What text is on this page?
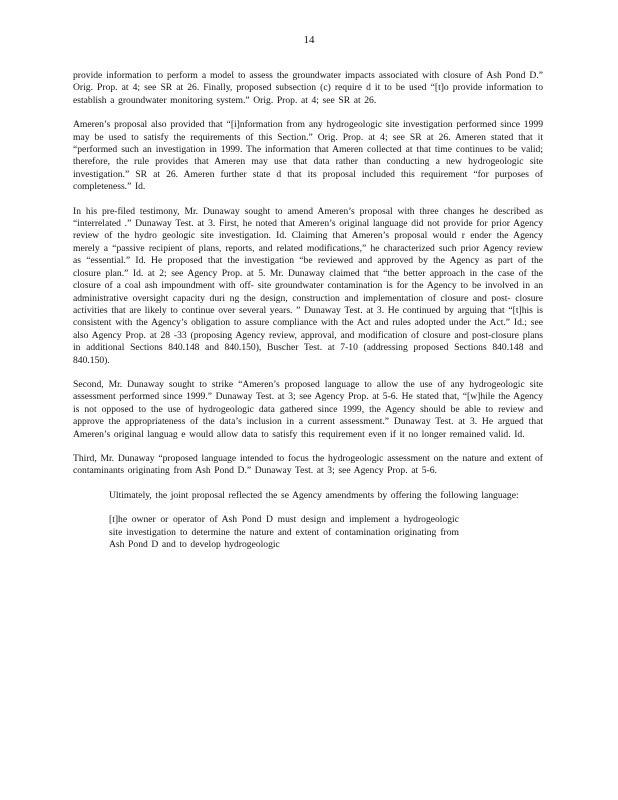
14

provide information to perform a model to assess the groundwater impacts associated with closure of Ash Pond D.” Orig. Prop. at 4; see SR at 26. Finally, proposed subsection (c) require d it to be used “[t]o provide information to establish a groundwater monitoring system.” Orig. Prop. at 4; see SR at 26.

Ameren’s proposal also provided that “[i]nformation from any hydrogeologic site investigation performed since 1999 may be used to satisfy the requirements of this Section.” Orig. Prop. at 4; see SR at 26. Ameren stated that it “performed such an investigation in 1999. The information that Ameren collected at that time continues to be valid; therefore, the rule provides that Ameren may use that data rather than conducting a new hydrogeologic site investigation.” SR at 26. Ameren further state d that its proposal included this requirement “for purposes of completeness.” Id.

In his pre-filed testimony, Mr. Dunaway sought to amend Ameren’s proposal with three changes he described as “interrelated .” Dunaway Test. at 3. First, he noted that Ameren’s original language did not provide for prior Agency review of the hydro geologic site investigation. Id. Claiming that Ameren’s proposal would r ender the Agency merely a “passive recipient of plans, reports, and related modifications,” he characterized such prior Agency review as “essential.” Id. He proposed that the investigation “be reviewed and approved by the Agency as part of the closure plan.” Id. at 2; see Agency Prop. at 5. Mr. Dunaway claimed that “the better approach in the case of the closure of a coal ash impoundment with off- site groundwater contamination is for the Agency to be involved in an administrative oversight capacity duri ng the design, construction and implementation of closure and post- closure activities that are likely to continue over several years. ” Dunaway Test. at 3. He continued by arguing that “[t]his is consistent with the Agency’s obligation to assure compliance with the Act and rules adopted under the Act.” Id.; see also Agency Prop. at 28 -33 (proposing Agency review, approval, and modification of closure and post-closure plans in additional Sections 840.148 and 840.150), Buscher Test. at 7-10 (addressing proposed Sections 840.148 and 840.150).

Second, Mr. Dunaway sought to strike “Ameren’s proposed language to allow the use of any hydrogeologic site assessment performed since 1999.” Dunaway Test. at 3; see Agency Prop. at 5-6. He stated that, “[w]hile the Agency is not opposed to the use of hydrogeologic data gathered since 1999, the Agency should be able to review and approve the appropriateness of the data’s inclusion in a current assessment.” Dunaway Test. at 3. He argued that Ameren’s original languag e would allow data to satisfy this requirement even if it no longer remained valid. Id.

Third, Mr. Dunaway “proposed language intended to focus the hydrogeologic assessment on the nature and extent of contaminants originating from Ash Pond D.” Dunaway Test. at 3; see Agency Prop. at 5-6.

Ultimately, the joint proposal reflected the se Agency amendments by offering the following language:

[t]he owner or operator of Ash Pond D must design and implement a hydrogeologic site investigation to determine the nature and extent of contamination originating from Ash Pond D and to develop hydrogeologic
